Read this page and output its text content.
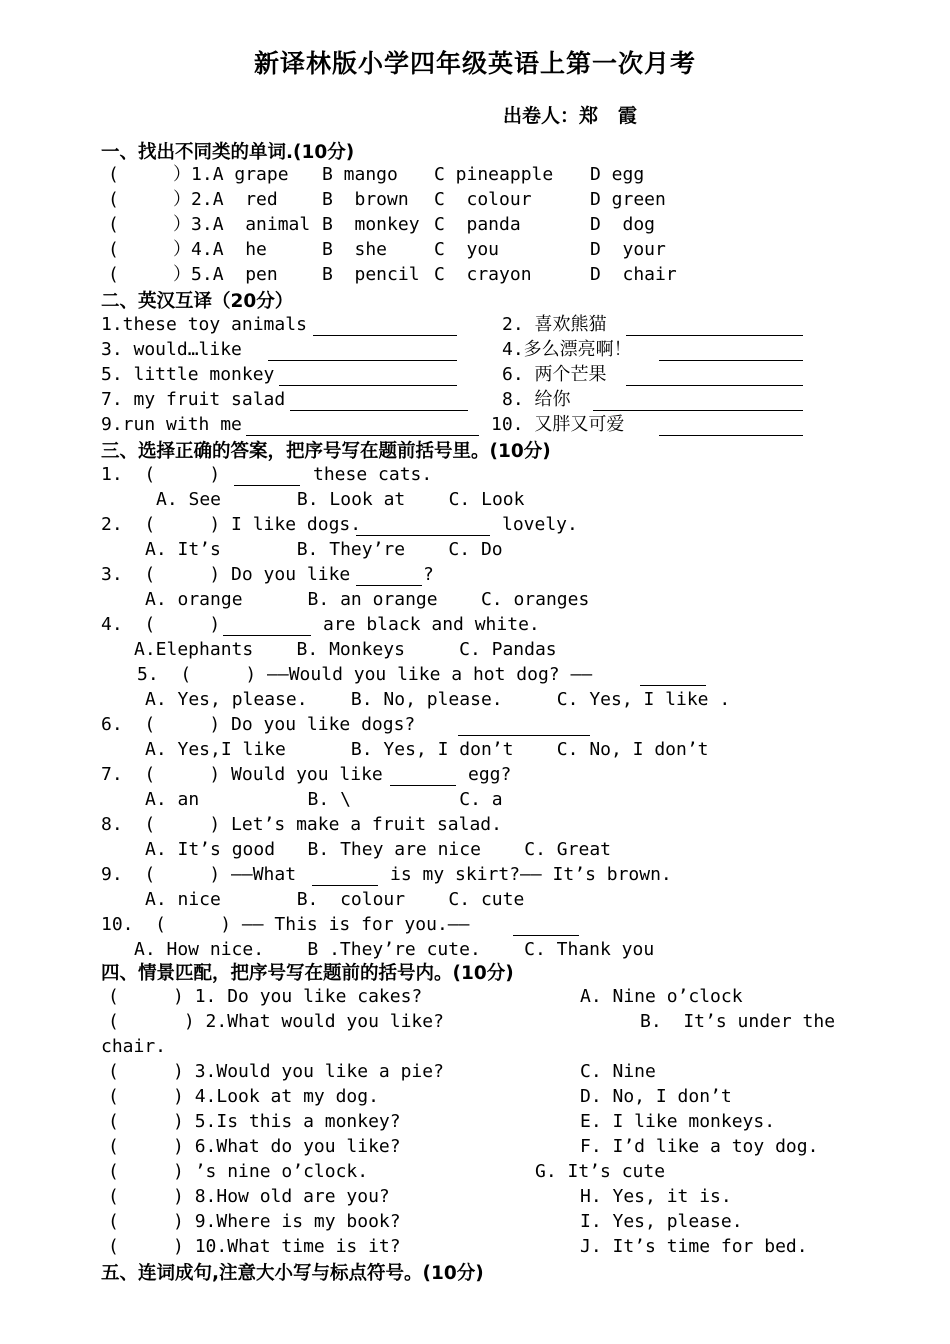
新译林版小学四年级英语上第一次月考
出卷人：郑   霞
一、找出不同类的单词.(10分)
(     ）1.A grape B mango C pineapple D egg
(     ）2.A  red B  brown C  colour	D green
(     ）3.A  animal B  monkey C  panda	D  dog
(     ）4.A  he	B  she	C  you	D  your
(     ）5.A  pen B  pencil C  crayon	D  chair
二、英汉互译（20分）
1.these toy animals	2. 喜欢熊猫
3. would…like	4.多么漂亮啊！
5. little monkey	6. 两个芒果
7. my fruit salad	8. 给你
9.run with me	10. 又胖又可爱
三、选择正确的答案，把序号写在题前括号里。(10分)
1.  (     )	these cats.
A. See       B. Look at    C. Look
2.  (     ) I like dogs.	lovely.
A. It’s       B. They’re    C. Do
3.  (     ) Do you like	?
A. orange      B. an orange    C. oranges
4.  (     )	are black and white.
A.Elephants    B. Monkeys     C. Pandas
5.  (     ) ——Would you like a hot dog? ——
A. Yes, please.    B. No, please.     C. Yes, I like .
6.  (     ) Do you like dogs?
A. Yes,I like      B. Yes, I don’t    C. No, I don’t
7.  (     ) Would you like	egg?
A. an          B. \          C. a
8.  (     ) Let’s make a fruit salad.
A. It’s good   B. They are nice    C. Great
9.  (     ) ——What	is my skirt?—— It’s brown.
A. nice       B.  colour    C. cute
10.  (     ) —— This is for you.——
A. How nice.    B .They’re cute.    C. Thank you
四、情景匹配，把序号写在题前的括号内。(10分)
(     ) 1. Do you like cakes?	A. Nine o’clock
(      ) 2.What would you like?	B.  It’s under the
chair.
(     ) 3.Would you like a pie?	C. Nine
(     ) 4.Look at my dog.	D. No, I don’t
(     ) 5.Is this a monkey?	E. I like monkeys.
(     ) 6.What do you like?	F. I’d like a toy dog.
(     ) ’s nine o’clock.	G. It’s cute
(     ) 8.How old are you?	H. Yes, it is.
(     ) 9.Where is my book?	I. Yes, please.
(     ) 10.What time is it?	J. It’s time for bed.
五、连词成句,注意大小写与标点符号。(10分)
